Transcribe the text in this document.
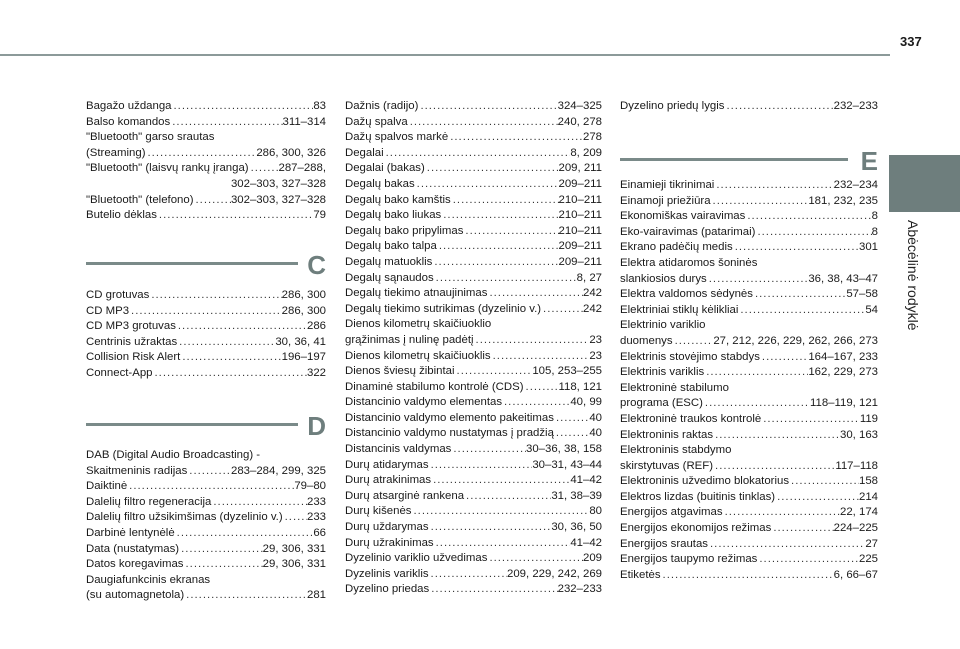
337
Abėcėlinė rodyklė
Bagažo uždanga .....	83
Balso komandos .....	311–314
"Bluetooth" garso srautas
(Streaming) .....	286, 300, 326
"Bluetooth" (laisvų rankų įranga) .....	287–288,
302–303, 327–328
"Bluetooth" (telefono) .....	302–303, 327–328
Butelio dėklas .....	79
C
CD grotuvas .....	286, 300
CD MP3 .....	286, 300
CD MP3 grotuvas .....	286
Centrinis užraktas .....	30, 36, 41
Collision Risk Alert .....	196–197
Connect-App .....	322
D
DAB (Digital Audio Broadcasting) -
Skaitmeninis radijas .....	283–284, 299, 325
Daiktinė .....	79–80
Dalelių filtro regeneracija .....	233
Dalelių filtro užsikimšimas (dyzelinio v.) ..... 233
Darbinė lentynėlė .....	66
Data (nustatymas) .....	29, 306, 331
Datos koregavimas .....	29, 306, 331
Daugiafunkcinis ekranas
(su automagnetola) .....	281
Dažnis (radijo) .....	324–325
Dažų spalva .....	240, 278
Dažų spalvos markė .....	278
Degalai .....	8, 209
Degalai (bakas) .....	209, 211
Degalų bakas .....	209–211
Degalų bako kamštis .....	210–211
Degalų bako liukas .....	210–211
Degalų bako pripylimas .....	210–211
Degalų bako talpa .....	209–211
Degalų matuoklis .....	209–211
Degalų sąnaudos .....	8, 27
Degalų tiekimo atnaujinimas .....	242
Degalų tiekimo sutrikimas (dyzelinio v.) .....	242
Dienos kilometrų skaičiuoklio
grąžinimas į nulinę padėtį .....	23
Dienos kilometrų skaičiuoklis .....	23
Dienos šviesų žibintai .....	105, 253–255
Dinaminė stabilumo kontrolė (CDS) .....	118, 121
Distancinio valdymo elementas .....	40, 99
Distancinio valdymo elemento pakeitimas .....	40
Distancinio valdymo nustatymas į pradžią .....	40
Distancinis valdymas .....	30–36, 38, 158
Durų atidarymas .....	30–31, 43–44
Durų atrakinimas .....	41–42
Durų atsarginė rankena .....	31, 38–39
Durų kišenės .....	80
Durų uždarymas .....	30, 36, 50
Durų užrakinimas .....	41–42
Dyzelinio variklio užvedimas .....	209
Dyzelinis variklis .....	209, 229, 242, 269
Dyzelino priedas .....	232–233
Dyzelino priedų lygis .....	232–233
E
Einamieji tikrinimai .....	232–234
Einamoji priežiūra .....	181, 232, 235
Ekonomiškas vairavimas .....	8
Eko-vairavimas (patarimai) .....	8
Ekrano padėčių medis .....	301
Elektra atidaromos šoninės
slankiosios durys .....	36, 38, 43–47
Elektra valdomos sėdynės .....	57–58
Elektriniai stiklų kėlikliai .....	54
Elektrinio variklio
duomenys .....	27, 212, 226, 229, 262, 266, 273
Elektrinis stovėjimo stabdys .....	164–167, 233
Elektrinis variklis .....	162, 229, 273
Elektroninė stabilumo
programa (ESC) .....	118–119, 121
Elektroninė traukos kontrolė .....	119
Elektroninis raktas .....	30, 163
Elektroninis stabdymo
skirstytuvas (REF) .....	117–118
Elektroninis užvedimo blokatorius .....	158
Elektros lizdas (buitinis tinklas) .....	214
Energijos atgavimas .....	22, 174
Energijos ekonomijos režimas .....	224–225
Energijos srautas .....	27
Energijos taupymo režimas .....	225
Etiketės .....	6, 66–67
